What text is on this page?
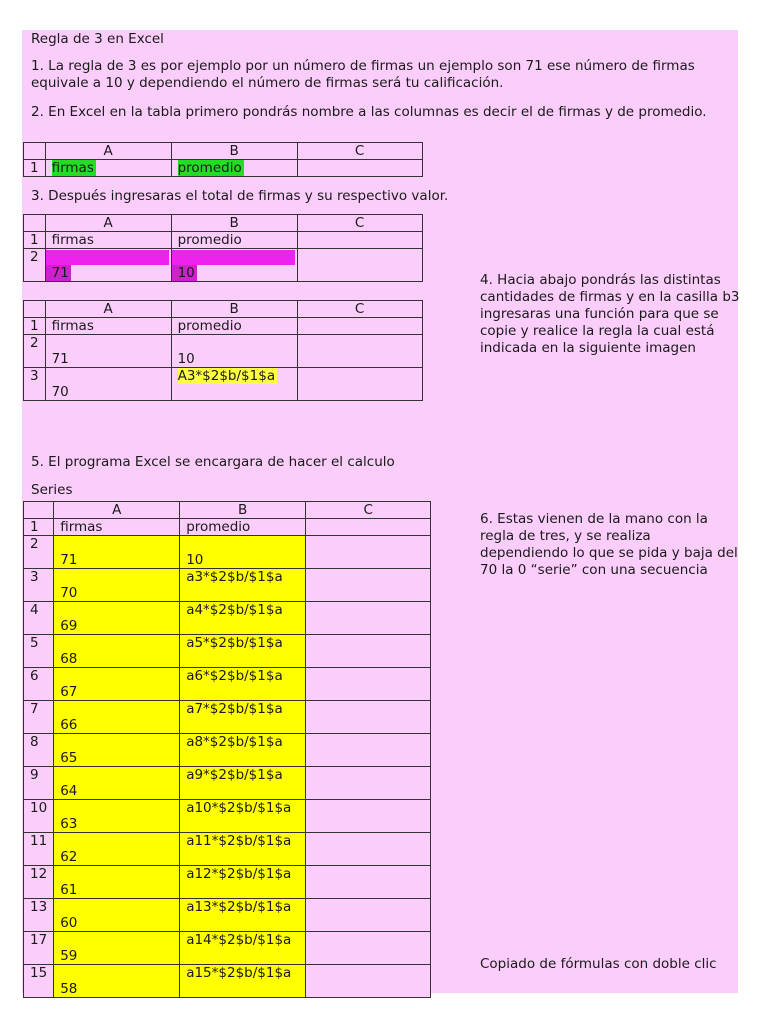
Regla de 3 en Excel
1. La regla de 3 es por ejemplo por un número de firmas un ejemplo son 71 ese número de firmas equivale a 10 y dependiendo el número de firmas será tu calificación.
2. En Excel en la tabla primero pondrás nombre a las columnas es decir el de firmas y de promedio.
	A	B	C
1	firmas	promedio	
3. Después ingresaras el total de firmas y su respectivo valor.
	A	B	C
1	firmas	promedio	
2	71	10		4. Hacia abajo pondrás las distintas cantidades de firmas y en la casilla b3 ingresaras una función para que se copie y realice la regla la cual está indicada en la siguiente imagen
	A	B	C
1	firmas	promedio	
2	71	10	

3	70	A3*$2$b/$1$a	
5. El programa Excel se encargara de hacer el calculo
Series
	A	B	C
1	firmas	promedio	
2	71	10	

3	70	a3*$2$b/$1$a	
4	69	a4*$2$b/$1$a	
5	68	a5*$2$b/$1$a	
6	67	a6*$2$b/$1$a	
7	66	a7*$2$b/$1$a	
8	65	a8*$2$b/$1$a	
9	64	a9*$2$b/$1$a	
10	63	a10*$2$b/$1$a	
11	62	a11*$2$b/$1$a	
12	61	a12*$2$b/$1$a	
13	60	a13*$2$b/$1$a	
17	59	a14*$2$b/$1$a	
15	58	a15*$2$b/$1$a	
6. Estas vienen de la mano con la regla de tres, y se realiza dependiendo lo que se pida y baja del 70 la 0 “serie” con una secuencia
Copiado de fórmulas con doble clic
